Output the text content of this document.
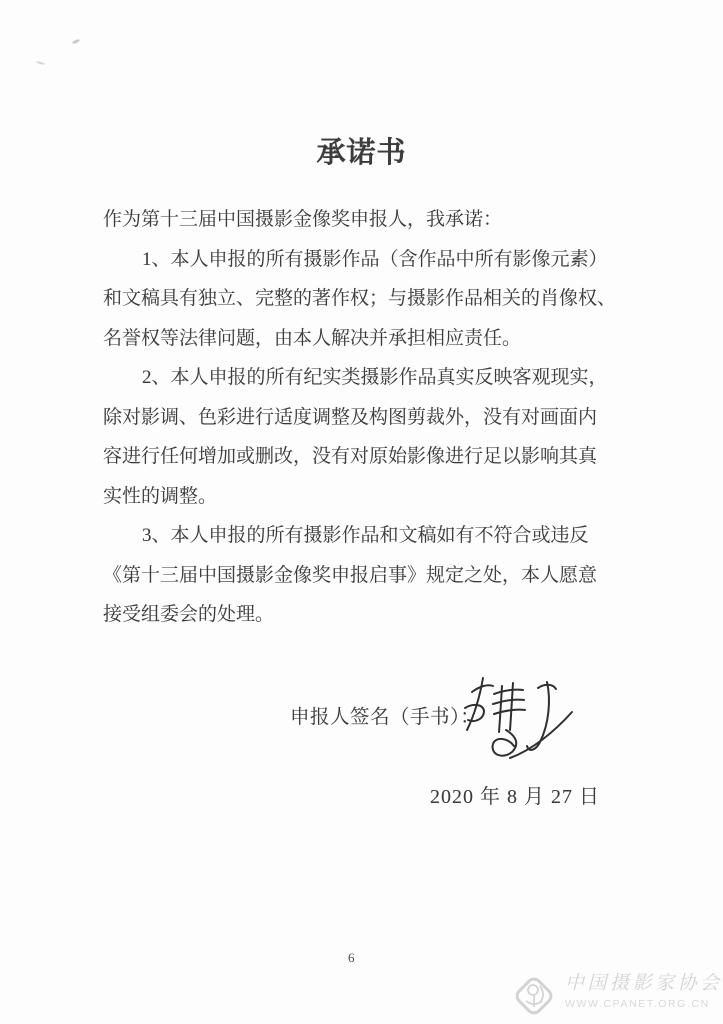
承诺书
作为第十三届中国摄影金像奖申报人，我承诺：
1、本人申报的所有摄影作品（含作品中所有影像元素）
和文稿具有独立、完整的著作权；与摄影作品相关的肖像权、
名誉权等法律问题，由本人解决并承担相应责任。
2、本人申报的所有纪实类摄影作品真实反映客观现实，
除对影调、色彩进行适度调整及构图剪裁外，没有对画面内
容进行任何增加或删改，没有对原始影像进行足以影响其真
实性的调整。
3、本人申报的所有摄影作品和文稿如有不符合或违反
《第十三届中国摄影金像奖申报启事》规定之处，本人愿意
接受组委会的处理。
申报人签名（手书）：
2020 年 8 月 27 日
6
中国摄影家协会
WWW.CPANET.ORG.CN
